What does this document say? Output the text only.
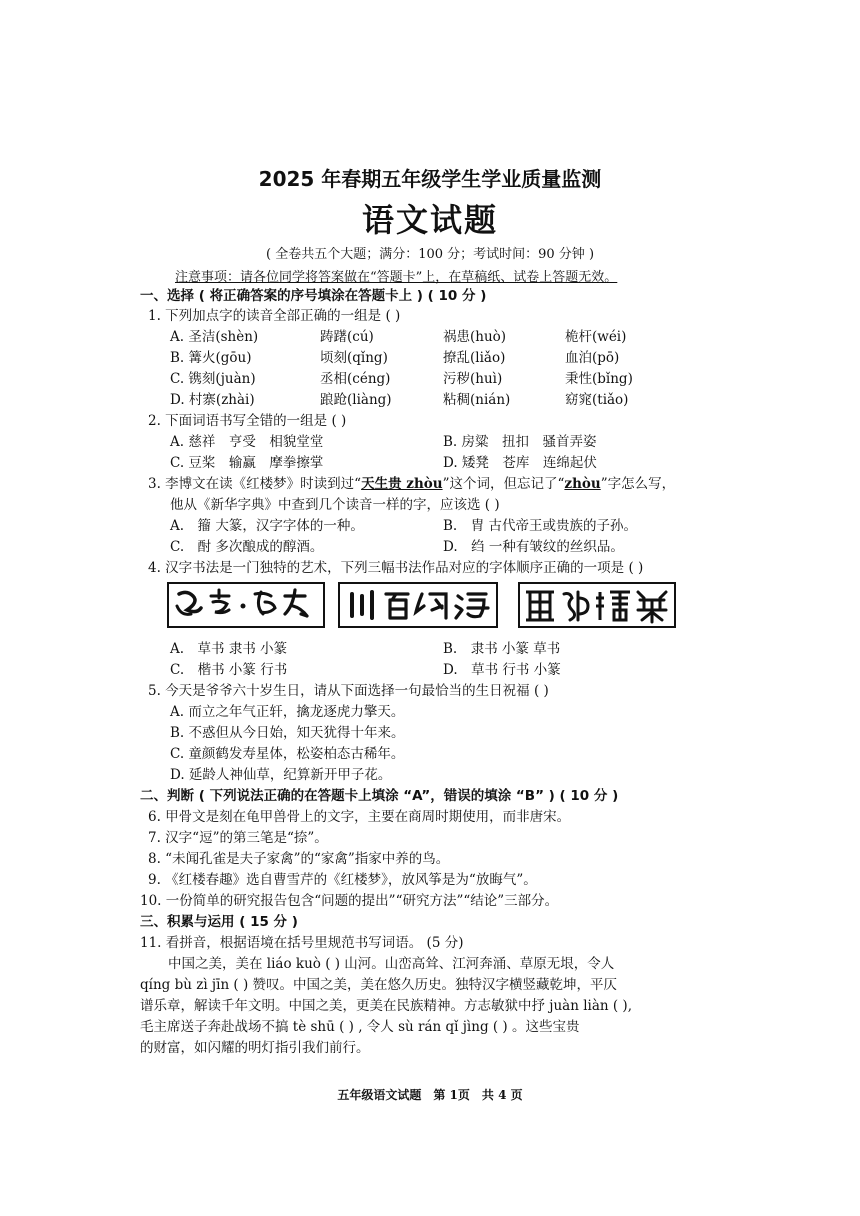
2025 年春期五年级学生学业质量监测
语文试题
( 全卷共五个大题；满分：100 分；考试时间：90 分钟 )
注意事项：请各位同学将答案做在“答题卡”上，在草稿纸、试卷上答题无效。
一、选择 ( 将正确答案的序号填涂在答题卡上 ) ( 10 分 )
1. 下列加点字的读音全部正确的一组是 ( )
A. 圣洁(shèn)	踌躇(cú)	祸患(huò)	桅杆(wéi)
B. 篝火(gōu)	顷刻(qǐng)	撩乱(liǎo)	血泊(pō)
C. 镌刻(juàn)	丞相(céng)	污秽(huì)	秉性(bǐng)
D. 村寨(zhài)	踉跄(liàng)	粘稠(nián)	窈窕(tiǎo)
2. 下面词语书写全错的一组是 ( )
A. 慈祥　亨受　相貌堂堂	B. 房粱　扭扣　骚首弄姿
C. 豆桨　输赢　摩拳擦掌	D. 矮凳　苍库　连绵起伏
3. 李博文在读《红楼梦》时读到过“天生贵 zhòu”这个词，但忘记了“zhòu”字怎么写，
他从《新华字典》中查到几个读音一样的字，应该选 ( )
A.　籀 大篆，汉字字体的一种。	B.　胄 古代帝王或贵族的子孙。
C.　酎 多次酿成的醇酒。	D.　绉 一种有皱纹的丝织品。
4. 汉字书法是一门独特的艺术，下列三幅书法作品对应的字体顺序正确的一项是 ( )
A.　草书 隶书 小篆	B.　隶书 小篆 草书
C.　楷书 小篆 行书	D.　草书 行书 小篆
5. 今天是爷爷六十岁生日，请从下面选择一句最恰当的生日祝福 ( )
A. 而立之年气正轩，擒龙逐虎力擎天。
B. 不惑但从今日始，知天犹得十年来。
C. 童颜鹤发寿星体，松姿柏态古稀年。
D. 延龄人神仙草，纪算新开甲子花。
二、判断 ( 下列说法正确的在答题卡上填涂 “A”，错误的填涂 “B” ) ( 10 分 )
6. 甲骨文是刻在龟甲兽骨上的文字，主要在商周时期使用，而非唐宋。
7. 汉字“逗”的第三笔是“捺”。
8. “未闻孔雀是夫子家禽”的“家禽”指家中养的鸟。
9. 《红楼春趣》选自曹雪芹的《红楼梦》，放风筝是为“放晦气”。
10. 一份简单的研究报告包含“问题的提出”“研究方法”“结论”三部分。
三、积累与运用 ( 15 分 )
11. 看拼音，根据语境在括号里规范书写词语。 (5 分)
中国之美，美在 liáo kuò ( ) 山河。山峦高耸、江河奔涌、草原无垠，令人
qíng bù zì jīn ( ) 赞叹。中国之美，美在悠久历史。独特汉字横竖藏乾坤，平仄
谱乐章，解读千年文明。中国之美，更美在民族精神。方志敏狱中抒 juàn liàn ( ),
毛主席送子奔赴战场不搞 tè shū ( ) , 令人 sù rán qǐ jìng ( ) 。这些宝贵
的财富，如闪耀的明灯指引我们前行。
五年级语文试题　第 1页　共 4 页
